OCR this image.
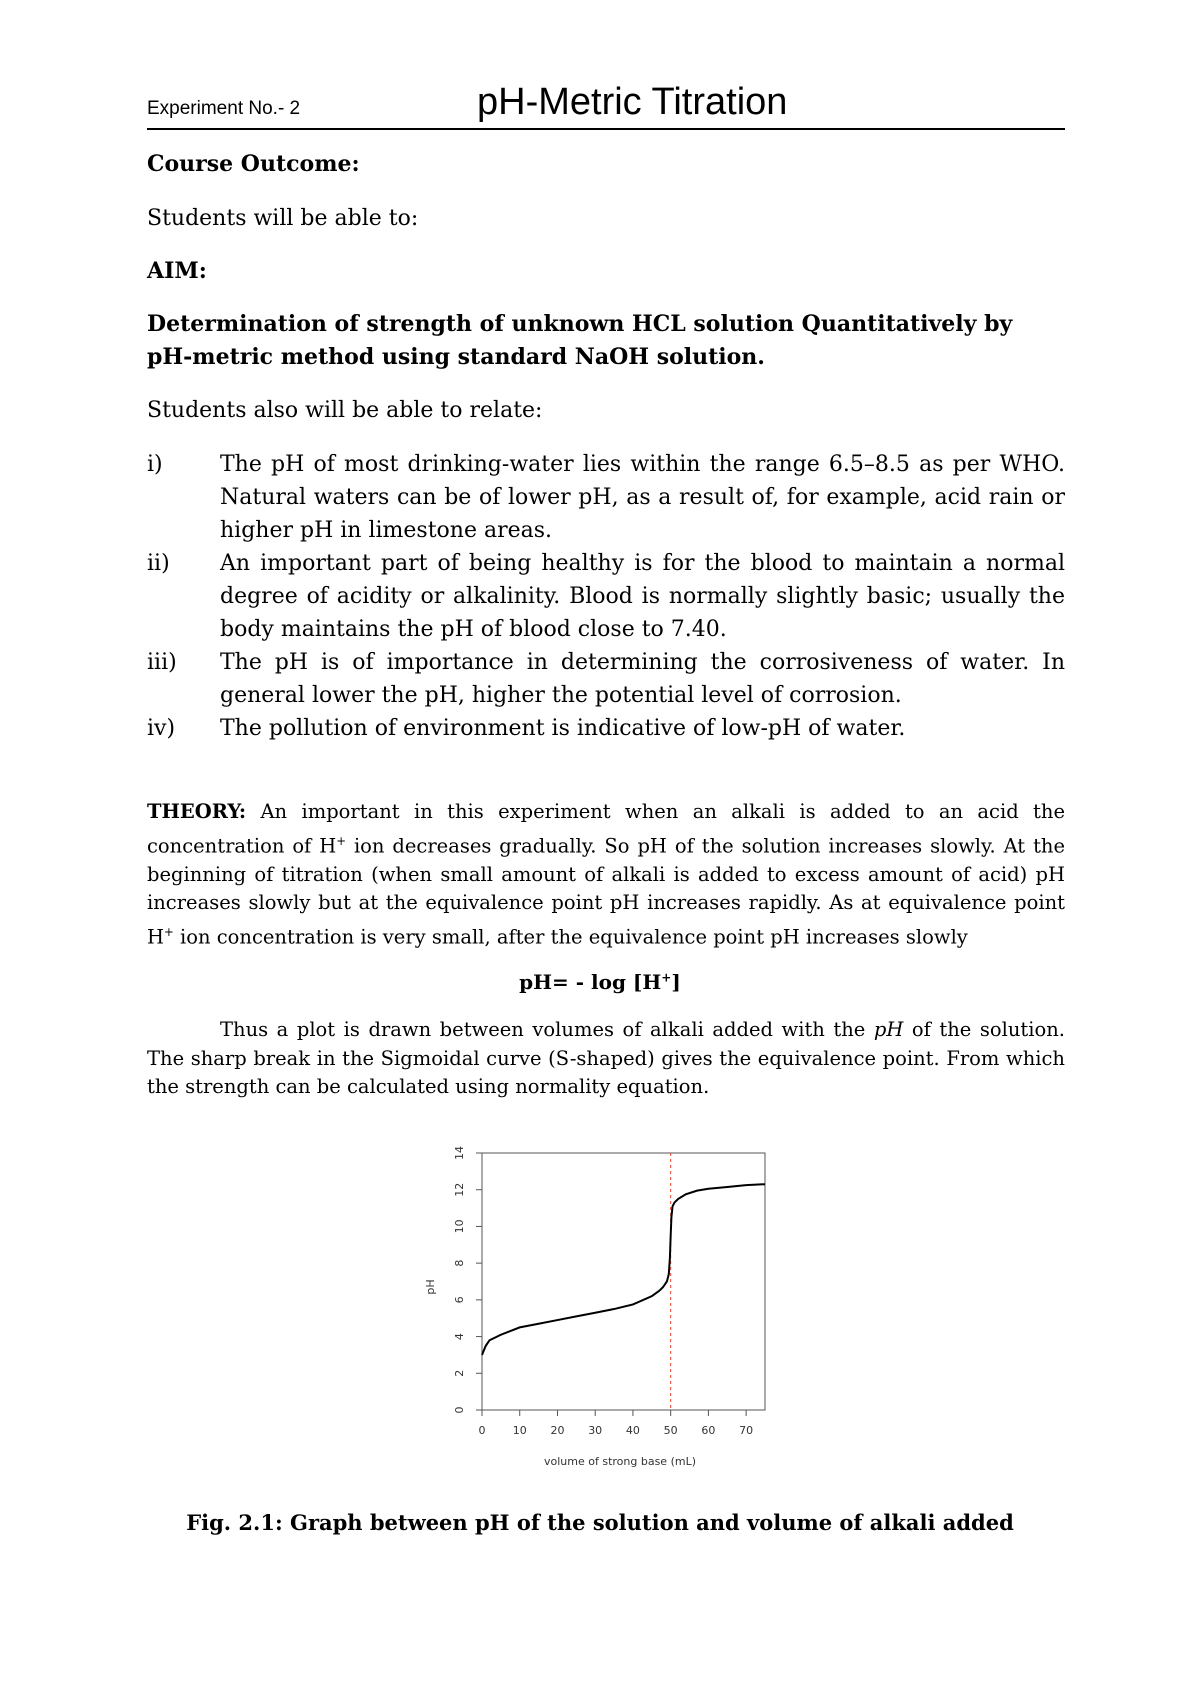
Experiment No.- 2	pH-Metric Titration
Course Outcome:
Students will be able to:
AIM:
Determination of strength of unknown HCL solution Quantitatively by pH-metric method using standard NaOH solution.
Students also will be able to relate:
i)	The pH of most drinking-water lies within the range 6.5–8.5 as per WHO. Natural waters can be of lower pH, as a result of, for example, acid rain or higher pH in limestone areas.
ii)	An important part of being healthy is for the blood to maintain a normal degree of acidity or alkalinity. Blood is normally slightly basic; usually the body maintains the pH of blood close to 7.40.
iii)	The pH is of importance in determining the corrosiveness of water. In general lower the pH, higher the potential level of corrosion.
iv)	The pollution of environment is indicative of low-pH of water.
THEORY: An important in this experiment when an alkali is added to an acid the concentration of H+ ion decreases gradually. So pH of the solution increases slowly. At the beginning of titration (when small amount of alkali is added to excess amount of acid) pH increases slowly but at the equivalence point pH increases rapidly. As at equivalence point H+ ion concentration is very small, after the equivalence point pH increases slowly
pH= - log [H+]
Thus a plot is drawn between volumes of alkali added with the pH of the solution. The sharp break in the Sigmoidal curve (S-shaped) gives the equivalence point. From which the strength can be calculated using normality equation.
0 10 20 30 40 50 60 70
0
2
4
6
8
10
12
14
volume of strong base (mL)
pH
Fig. 2.1: Graph between pH of the solution and volume of alkali added
